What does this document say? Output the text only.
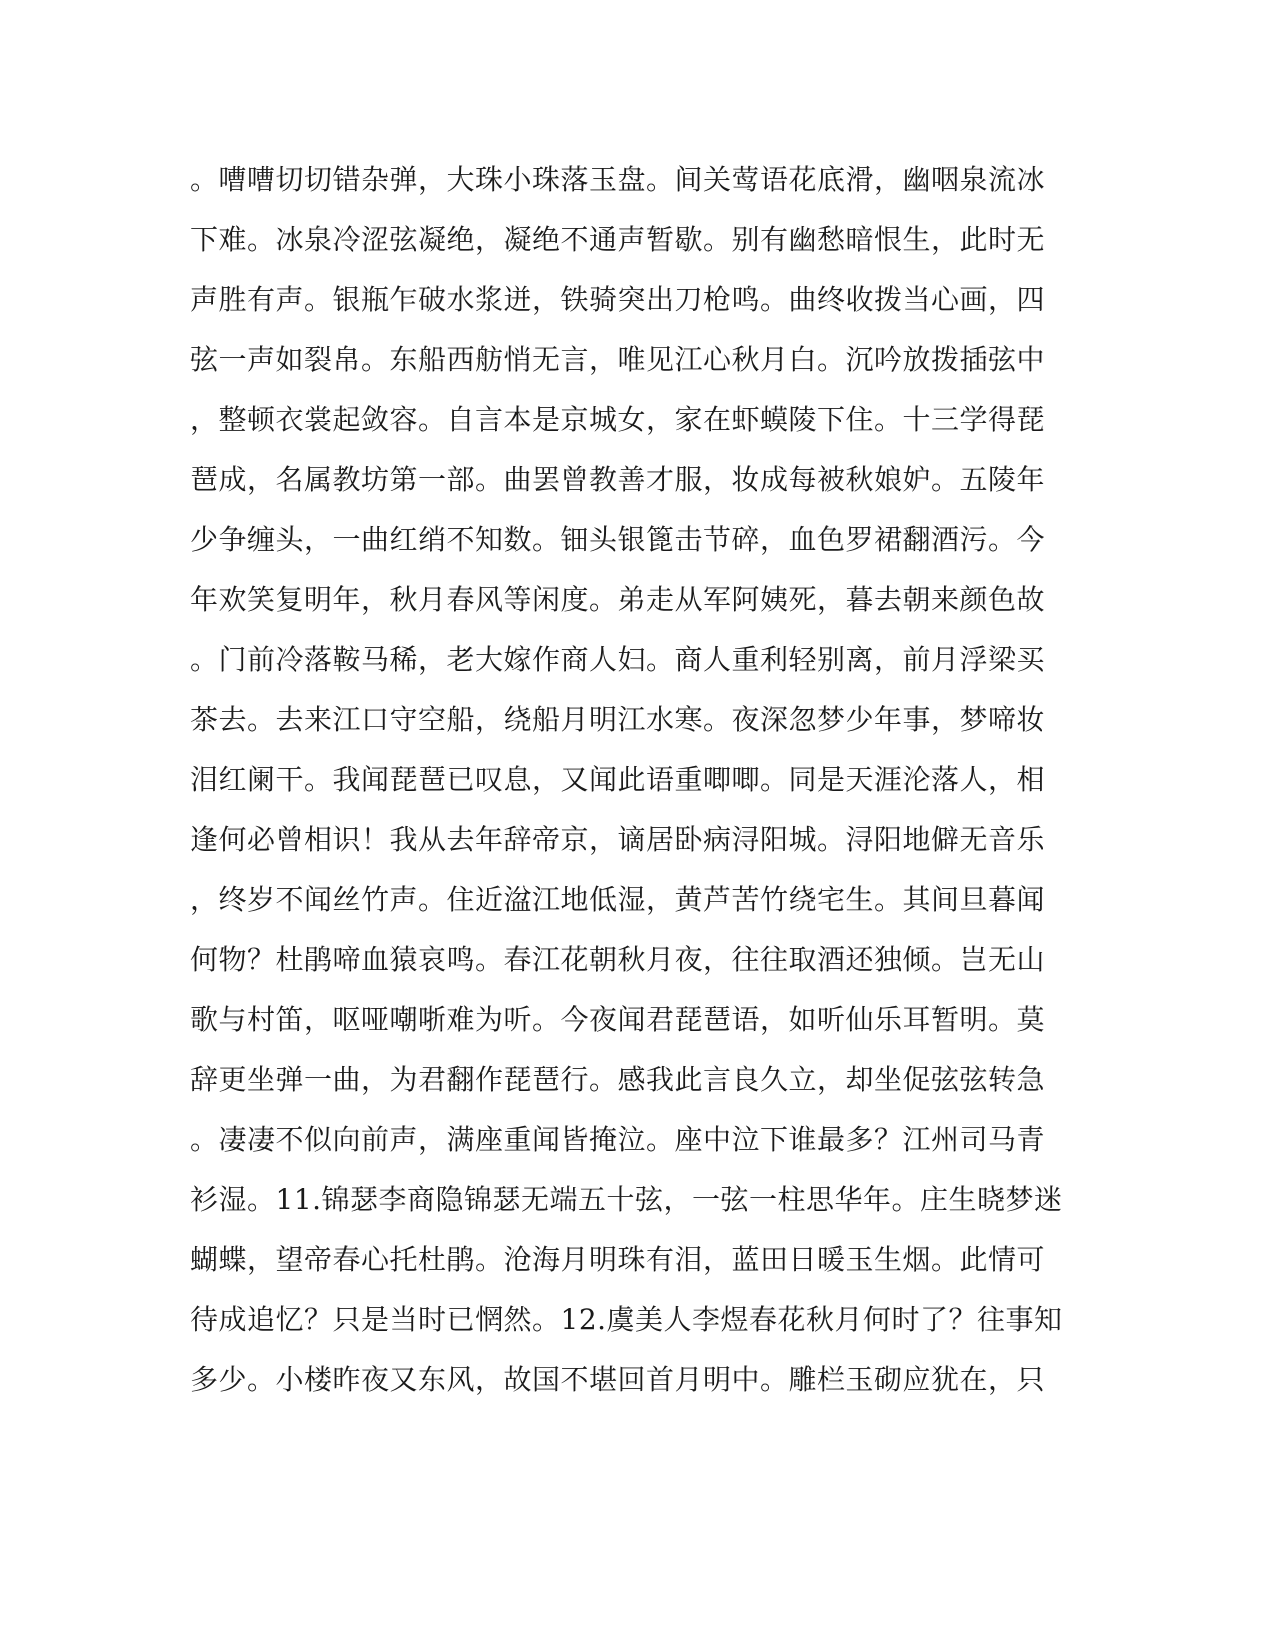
。嘈嘈切切错杂弹，大珠小珠落玉盘。间关莺语花底滑，幽咽泉流冰
下难。冰泉冷涩弦凝绝，凝绝不通声暂歇。别有幽愁暗恨生，此时无
声胜有声。银瓶乍破水浆迸，铁骑突出刀枪鸣。曲终收拨当心画，四
弦一声如裂帛。东船西舫悄无言，唯见江心秋月白。沉吟放拨插弦中
，整顿衣裳起敛容。自言本是京城女，家在虾蟆陵下住。十三学得琵
琶成，名属教坊第一部。曲罢曾教善才服，妆成每被秋娘妒。五陵年
少争缠头，一曲红绡不知数。钿头银篦击节碎，血色罗裙翻酒污。今
年欢笑复明年，秋月春风等闲度。弟走从军阿姨死，暮去朝来颜色故
。门前冷落鞍马稀，老大嫁作商人妇。商人重利轻别离，前月浮梁买
茶去。去来江口守空船，绕船月明江水寒。夜深忽梦少年事，梦啼妆
泪红阑干。我闻琵琶已叹息，又闻此语重唧唧。同是天涯沦落人，相
逢何必曾相识！我从去年辞帝京，谪居卧病浔阳城。浔阳地僻无音乐
，终岁不闻丝竹声。住近湓江地低湿，黄芦苦竹绕宅生。其间旦暮闻
何物？杜鹃啼血猿哀鸣。春江花朝秋月夜，往往取酒还独倾。岂无山
歌与村笛，呕哑嘲哳难为听。今夜闻君琵琶语，如听仙乐耳暂明。莫
辞更坐弹一曲，为君翻作琵琶行。感我此言良久立，却坐促弦弦转急
。凄凄不似向前声，满座重闻皆掩泣。座中泣下谁最多？江州司马青
衫湿。11.锦瑟李商隐锦瑟无端五十弦，一弦一柱思华年。庄生晓梦迷
蝴蝶，望帝春心托杜鹃。沧海月明珠有泪，蓝田日暖玉生烟。此情可
待成追忆？只是当时已惘然。12.虞美人李煜春花秋月何时了？往事知
多少。小楼昨夜又东风，故国不堪回首月明中。雕栏玉砌应犹在，只
